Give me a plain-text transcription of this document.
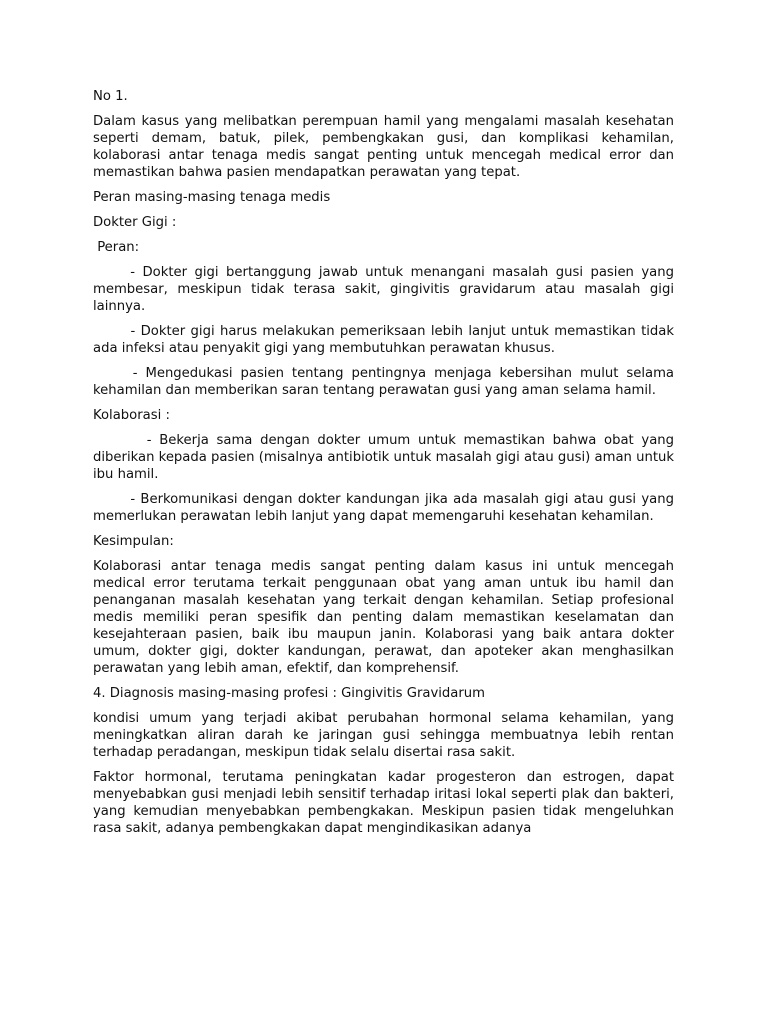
No 1.

Dalam kasus yang melibatkan perempuan hamil yang mengalami masalah kesehatan seperti demam, batuk, pilek, pembengkakan gusi, dan komplikasi kehamilan, kolaborasi antar tenaga medis sangat penting untuk mencegah medical error dan memastikan bahwa pasien mendapatkan perawatan yang tepat.

Peran masing-masing tenaga medis

Dokter Gigi :

Peran:

- Dokter gigi bertanggung jawab untuk menangani masalah gusi pasien yang membesar, meskipun tidak terasa sakit, gingivitis gravidarum atau masalah gigi lainnya.

- Dokter gigi harus melakukan pemeriksaan lebih lanjut untuk memastikan tidak ada infeksi atau penyakit gigi yang membutuhkan perawatan khusus.

- Mengedukasi pasien tentang pentingnya menjaga kebersihan mulut selama kehamilan dan memberikan saran tentang perawatan gusi yang aman selama hamil.

Kolaborasi :

- Bekerja sama dengan dokter umum untuk memastikan bahwa obat yang diberikan kepada pasien (misalnya antibiotik untuk masalah gigi atau gusi) aman untuk ibu hamil.

- Berkomunikasi dengan dokter kandungan jika ada masalah gigi atau gusi yang memerlukan perawatan lebih lanjut yang dapat memengaruhi kesehatan kehamilan.

Kesimpulan:

Kolaborasi antar tenaga medis sangat penting dalam kasus ini untuk mencegah medical error terutama terkait penggunaan obat yang aman untuk ibu hamil dan penanganan masalah kesehatan yang terkait dengan kehamilan. Setiap profesional medis memiliki peran spesifik dan penting dalam memastikan keselamatan dan kesejahteraan pasien, baik ibu maupun janin. Kolaborasi yang baik antara dokter umum, dokter gigi, dokter kandungan, perawat, dan apoteker akan menghasilkan perawatan yang lebih aman, efektif, dan komprehensif.

4. Diagnosis masing-masing profesi : Gingivitis Gravidarum

kondisi umum yang terjadi akibat perubahan hormonal selama kehamilan, yang meningkatkan aliran darah ke jaringan gusi sehingga membuatnya lebih rentan terhadap peradangan, meskipun tidak selalu disertai rasa sakit.

Faktor hormonal, terutama peningkatan kadar progesteron dan estrogen, dapat menyebabkan gusi menjadi lebih sensitif terhadap iritasi lokal seperti plak dan bakteri, yang kemudian menyebabkan pembengkakan. Meskipun pasien tidak mengeluhkan rasa sakit, adanya pembengkakan dapat mengindikasikan adanya
